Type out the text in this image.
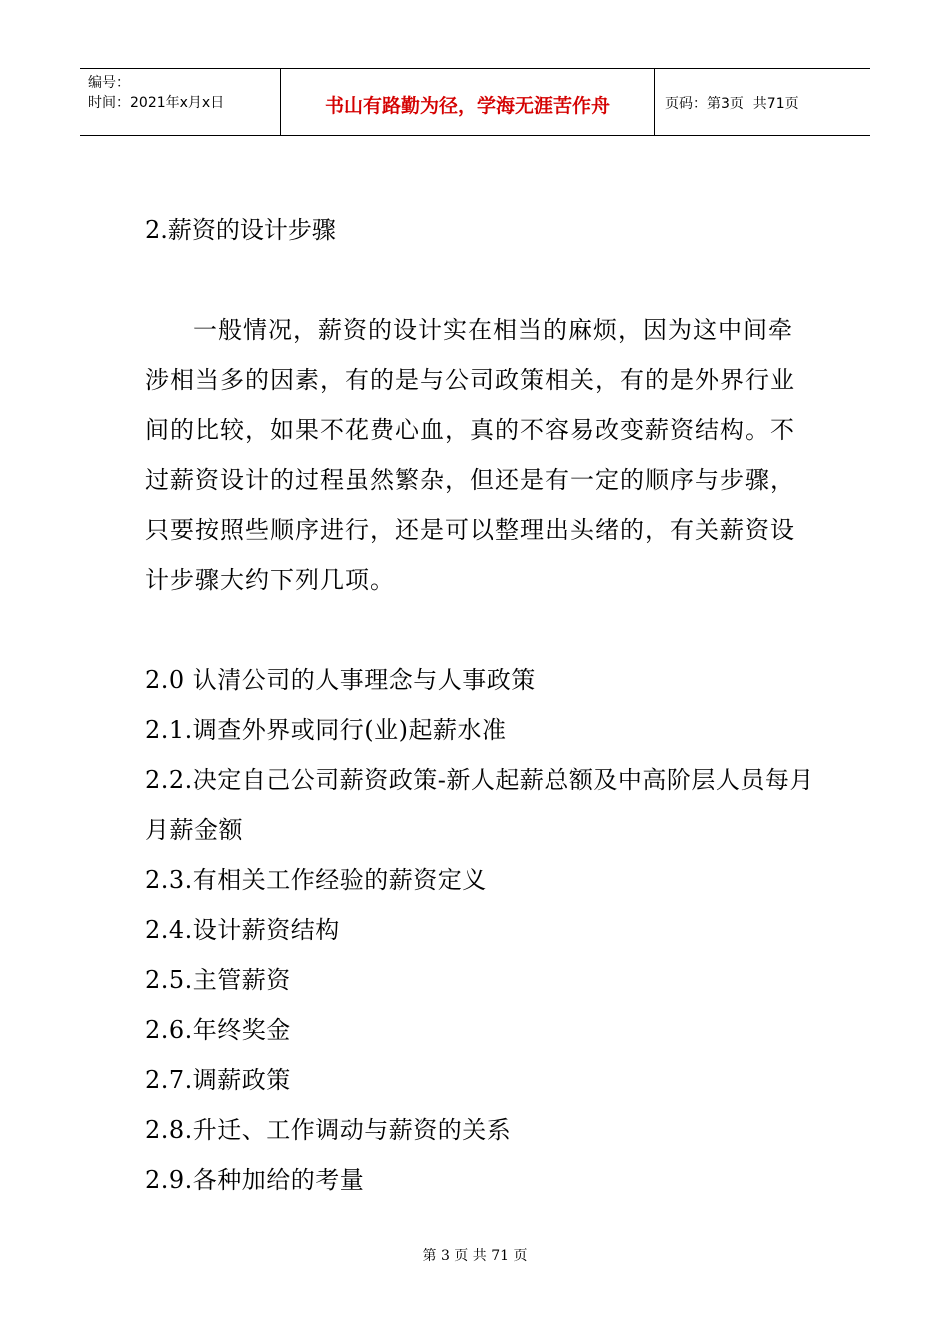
编号：
时间：2021年x月x日	书山有路勤为径，学海无涯苦作舟	页码：第3页  共71页

2.薪资的设计步骤

一般情况，薪资的设计实在相当的麻烦，因为这中间牵涉相当多的因素，有的是与公司政策相关，有的是外界行业间的比较，如果不花费心血，真的不容易改变薪资结构。不过薪资设计的过程虽然繁杂，但还是有一定的顺序与步骤，只要按照些顺序进行，还是可以整理出头绪的，有关薪资设计步骤大约下列几项。

2.0 认清公司的人事理念与人事政策
2.1.调查外界或同行(业)起薪水准
2.2.决定自己公司薪资政策-新人起薪总额及中高阶层人员每月月薪金额
2.3.有相关工作经验的薪资定义
2.4.设计薪资结构
2.5.主管薪资
2.6.年终奖金
2.7.调薪政策
2.8.升迁、工作调动与薪资的关系
2.9.各种加给的考量
第 3 页 共 71 页
